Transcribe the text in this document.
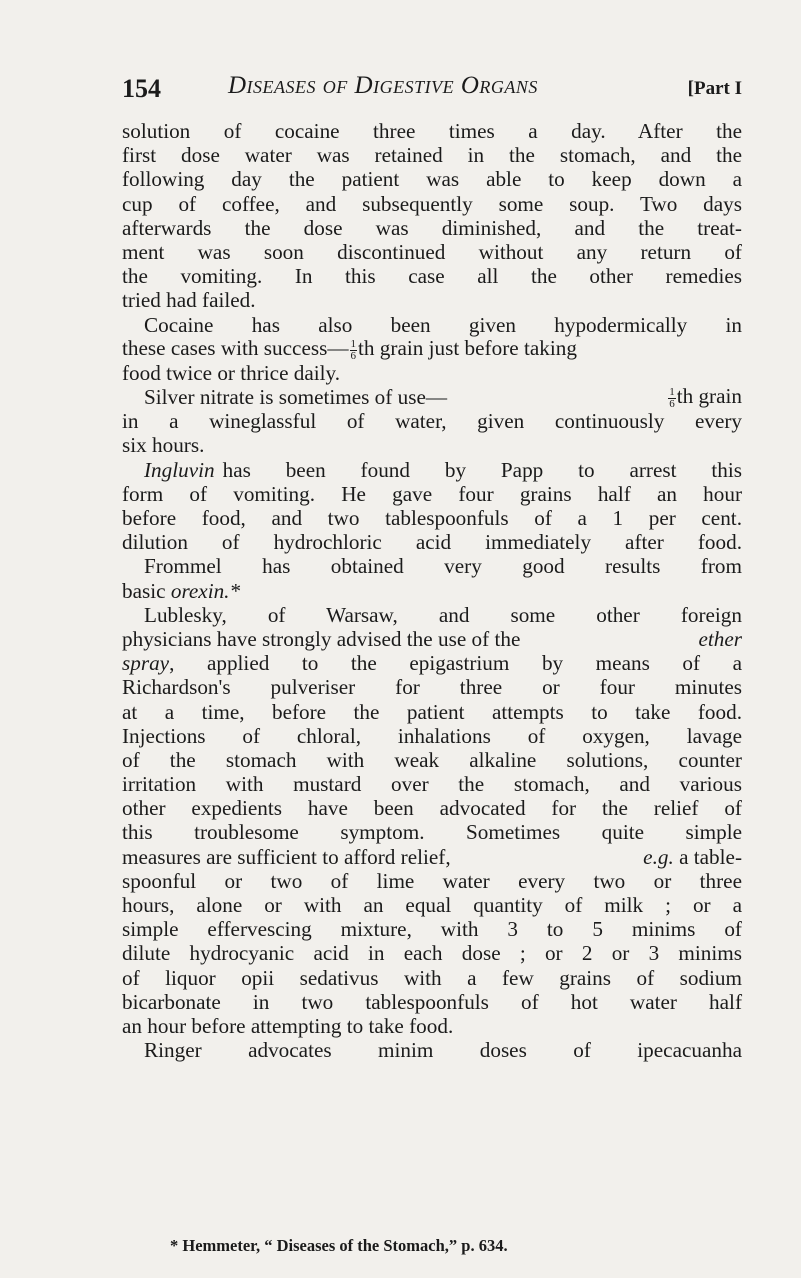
154	Diseases of Digestive Organs	[Part I
solution of cocaine three times a day. After the
first dose water was retained in the stomach, and the
following day the patient was able to keep down a
cup of coffee, and subsequently some soup. Two days
afterwards the dose was diminished, and the treat-
ment was soon discontinued without any return of
the vomiting. In this case all the other remedies
tried had failed.
Cocaine has also been given hypodermically in
these cases with success— $\frac{1}{6}$ th grain just before taking
food twice or thrice daily.
Silver nitrate is sometimes of use—	$\frac{1}{6}$ th grain
in a wineglassful of water, given continuously every
six hours.
Ingluvin has been found by Papp to arrest this
form of vomiting. He gave four grains half an hour
before food, and two tablespoonfuls of a 1 per cent.
dilution of hydrochloric acid immediately after food.
Frommel has obtained very good results from
basic orexin.*
Lublesky, of Warsaw, and some other foreign
physicians have strongly advised the use of the	ether
spray , applied to the epigastrium by means of a
Richardson's pulveriser for three or four minutes
at a time, before the patient attempts to take food.
Injections of chloral, inhalations of oxygen, lavage
of the stomach with weak alkaline solutions, counter
irritation with mustard over the stomach, and various
other expedients have been advocated for the relief of
this troublesome symptom. Sometimes quite simple
measures are sufficient to afford relief,	e.g. a table-
spoonful or two of lime water every two or three
hours, alone or with an equal quantity of milk ; or a
simple effervescing mixture, with 3 to 5 minims of
dilute hydrocyanic acid in each dose ; or 2 or 3 minims
of liquor opii sedativus with a few grains of sodium
bicarbonate in two tablespoonfuls of hot water half
an hour before attempting to take food.
Ringer advocates minim doses of ipecacuanha
* Hemmeter, “ Diseases of the Stomach,” p. 634.
